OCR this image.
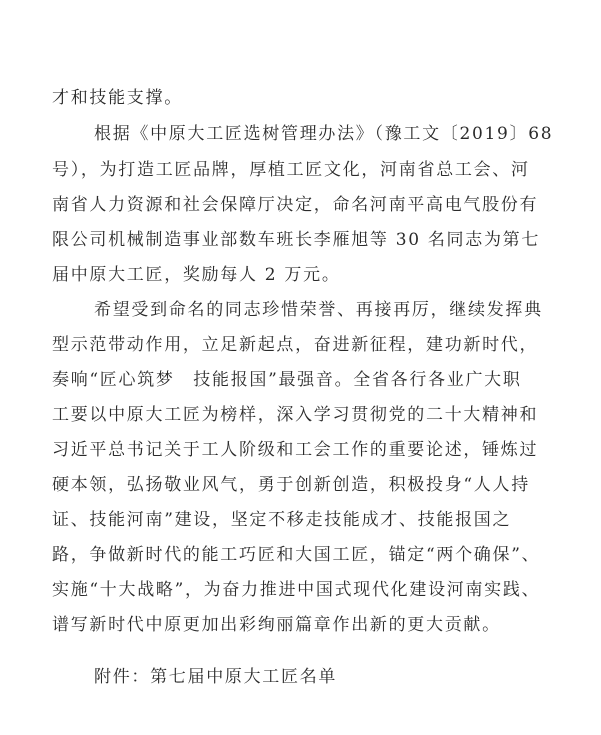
才和技能支撑。
根据《中原大工匠选树管理办法》（豫工文〔2019〕68
号），为打造工匠品牌，厚植工匠文化，河南省总工会、河
南省人力资源和社会保障厅决定，命名河南平高电气股份有
限公司机械制造事业部数车班长李雁旭等 30 名同志为第七
届中原大工匠，奖励每人 2 万元。
希望受到命名的同志珍惜荣誉、再接再厉，继续发挥典
型示范带动作用，立足新起点，奋进新征程，建功新时代，
奏响“匠心筑梦　技能报国”最强音。全省各行各业广大职
工要以中原大工匠为榜样，深入学习贯彻党的二十大精神和
习近平总书记关于工人阶级和工会工作的重要论述，锤炼过
硬本领，弘扬敬业风气，勇于创新创造，积极投身“人人持
证、技能河南”建设，坚定不移走技能成才、技能报国之
路，争做新时代的能工巧匠和大国工匠，锚定“两个确保”、
实施“十大战略”，为奋力推进中国式现代化建设河南实践、
谱写新时代中原更加出彩绚丽篇章作出新的更大贡献。
附件：第七届中原大工匠名单
